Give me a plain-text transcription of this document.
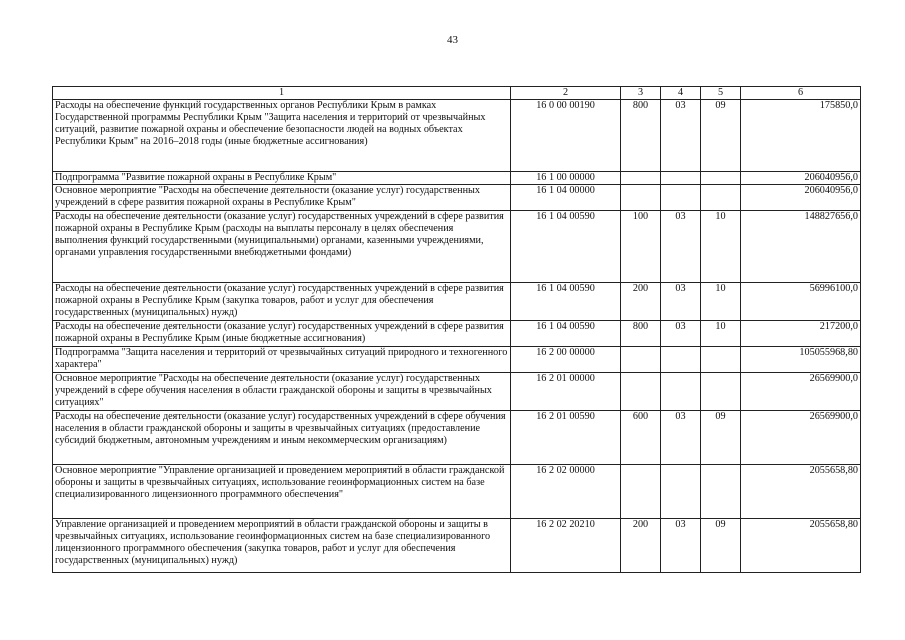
43
1	2	3	4	5	6
Расходы на обеспечение функций государственных органов Республики Крым в рамках Государственной программы Республики Крым "Защита населения и территорий от чрезвычайных ситуаций, развитие пожарной охраны и обеспечение безопасности людей на водных объектах Республики Крым" на 2016–2018 годы (иные бюджетные ассигнования)	16 0 00 00190	800	03	09	175850,0
Подпрограмма "Развитие пожарной охраны в Республике Крым"	16 1 00 00000				206040956,0
Основное мероприятие "Расходы на обеспечение деятельности (оказание услуг) государственных учреждений в сфере развития пожарной охраны в Республике Крым"	16 1 04 00000				206040956,0
Расходы на обеспечение деятельности (оказание услуг) государственных учреждений в сфере развития пожарной охраны в Республике Крым (расходы на выплаты персоналу в целях обеспечения выполнения функций государственными (муниципальными) органами, казенными учреждениями, органами управления государственными внебюджетными фондами)	16 1 04 00590	100	03	10	148827656,0
Расходы на обеспечение деятельности (оказание услуг) государственных учреждений в сфере развития пожарной охраны в Республике Крым (закупка товаров, работ и услуг для обеспечения государственных (муниципальных) нужд)	16 1 04 00590	200	03	10	56996100,0
Расходы на обеспечение деятельности (оказание услуг) государственных учреждений в сфере развития пожарной охраны в Республике Крым (иные бюджетные ассигнования)	16 1 04 00590	800	03	10	217200,0
Подпрограмма "Защита населения и территорий от чрезвычайных ситуаций природного и техногенного характера"	16 2 00 00000				105055968,80
Основное мероприятие "Расходы на обеспечение деятельности (оказание услуг) государственных учреждений в сфере обучения населения в области гражданской обороны и защиты в чрезвычайных ситуациях"	16 2 01 00000				26569900,0
Расходы на обеспечение деятельности (оказание услуг) государственных учреждений в сфере обучения населения в области гражданской обороны и защиты в чрезвычайных ситуациях (предоставление субсидий бюджетным, автономным учреждениям и иным некоммерческим организациям)	16 2 01 00590	600	03	09	26569900,0
Основное мероприятие "Управление организацией и проведением мероприятий в области гражданской обороны и защиты в чрезвычайных ситуациях, использование геоинформационных систем на базе специализированного лицензионного программного обеспечения"	16 2 02 00000				2055658,80
Управление организацией и проведением мероприятий в области гражданской обороны и защиты в чрезвычайных ситуациях, использование геоинформационных систем на базе специализированного лицензионного программного обеспечения (закупка товаров, работ и услуг для обеспечения государственных (муниципальных) нужд)	16 2 02 20210	200	03	09	2055658,80
